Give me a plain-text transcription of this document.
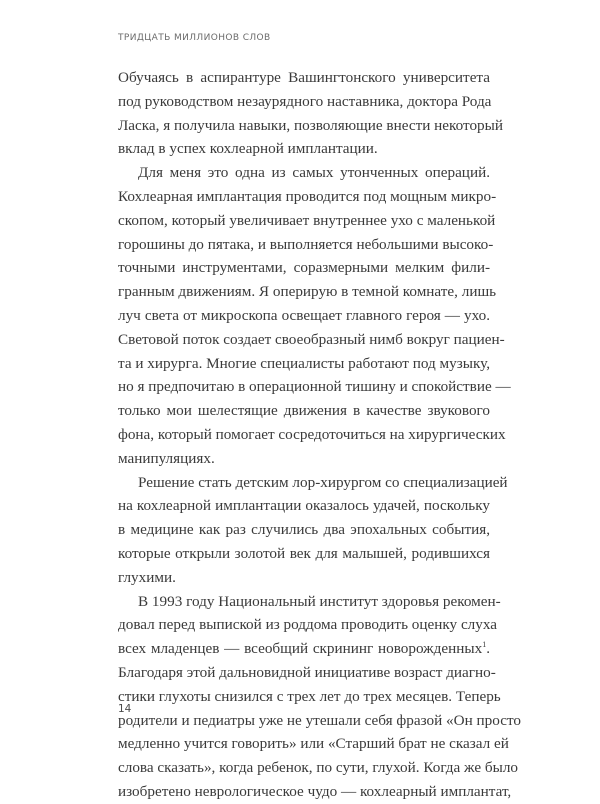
ТРИДЦАТЬ МИЛЛИОНОВ СЛОВ
Обучаясь в аспирантуре Вашингтонского университета
под руководством незаурядного наставника, доктора Рода
Ласка, я получила навыки, позволяющие внести некоторый
вклад в успех кохлеарной имплантации.
Для меня это одна из самых утонченных операций.
Кохлеарная имплантация проводится под мощным микро-
скопом, который увеличивает внутреннее ухо с маленькой
горошины до пятака, и выполняется небольшими высоко-
точными инструментами, соразмерными мелким фили-
гранным движениям. Я оперирую в темной комнате, лишь
луч света от микроскопа освещает главного героя — ухо.
Световой поток создает своеобразный нимб вокруг пациен-
та и хирурга. Многие специалисты работают под музыку,
но я предпочитаю в операционной тишину и спокойствие —
только мои шелестящие движения в качестве звукового
фона, который помогает сосредоточиться на хирургических
манипуляциях.
Решение стать детским лор-хирургом со специализацией
на кохлеарной имплантации оказалось удачей, поскольку
в медицине как раз случились два эпохальных события,
которые открыли золотой век для малышей, родившихся
глухими.
В 1993 году Национальный институт здоровья рекомен-
довал перед выпиской из роддома проводить оценку слуха
всех младенцев — всеобщий скрининг новорожденных$^1$.
Благодаря этой дальновидной инициативе возраст диагно-
стики глухоты снизился с трех лет до трех месяцев. Теперь
родители и педиатры уже не утешали себя фразой «Он просто
медленно учится говорить» или «Старший брат не сказал ей
слова сказать», когда ребенок, по сути, глухой. Когда же было
изобретено неврологическое чудо — кохлеарный имплантат,
14
